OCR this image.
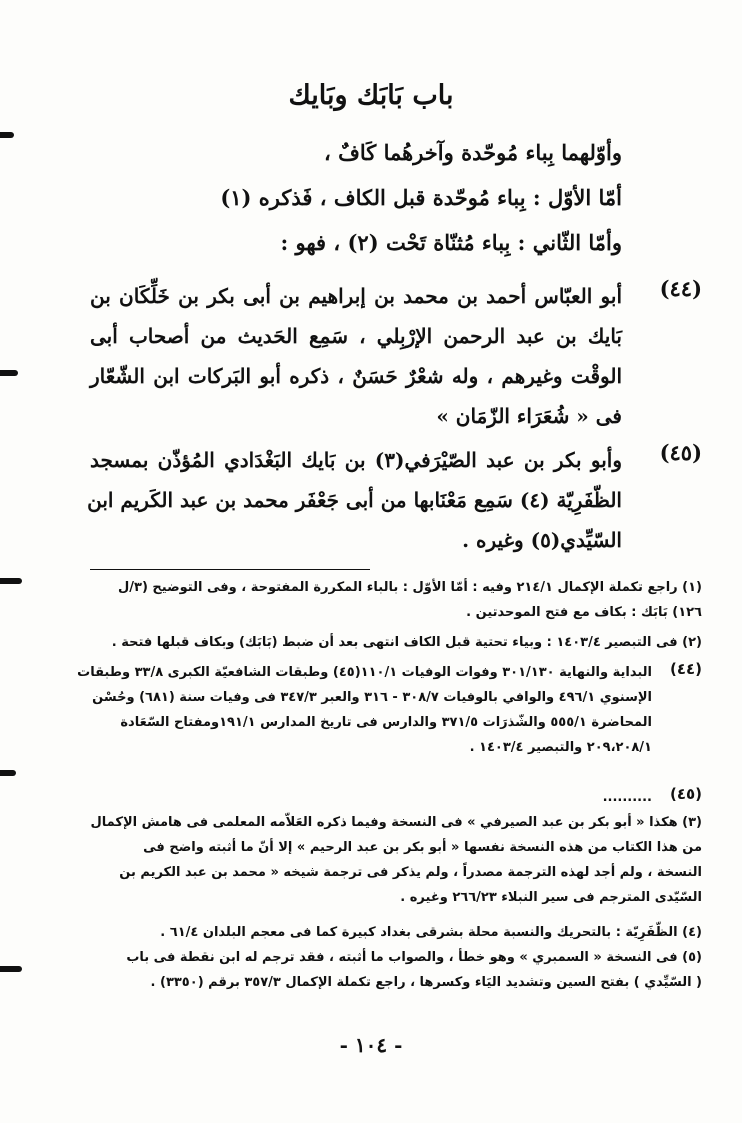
باب بَابَك وبَايك
وأوّلهما بِباء مُوحّدة وآخرهُما كَافٌ ،
أمّا الأوّل : بِباء مُوحّدة قبل الكاف ، فَذكره (١)
وأمّا الثّاني : بِباء مُثنّاة تَحْت (٢) ، فهو :
(٤٤)
أبو العبّاس أحمد بن محمد بن إبراهيم بن أبى بكر بن خَلِّكَان بن
بَايك بن عبد الرحمن الإرْبِلي ، سَمِع الحَديث من أصحاب أبى
الوقْت وغيرهم ، وله شعْرٌ حَسَنٌ ، ذكره أبو البَركات ابن الشّعّار
فى « شُعَرَاء الزّمَان »
(٤٥)
وأبو بكر بن عبد الصّيْرَفي(٣) بن بَايك البَغْدَادي المُؤذّن بمسجد
الظّفَرِيّة (٤) سَمِع مَعْنَابها من أبى جَعْفَر محمد بن عبد الكَريم ابن
السّيِّدي(٥) وغيره .
(١) راجع تكملة الإكمال ٢١٤/١ وفيه : أمّا الأوّل : بالباء المكررة المفتوحة ، وفى التوضيح (٣/ل
١٢٦) بَابَك : بكاف مع فتح الموحدتين .
(٢) فى التبصير ١٤٠٣/٤ : وبياء تحتية قبل الكاف انتهى بعد أن ضبط (بَابَك) وبكاف قبلها فتحة .
(٤٤)
البداية والنهاية ٣٠١/١٣٠ وفوات الوفيات ١١٠/١(٤٥) وطبقات الشافعيّة الكبرى ٣٣/٨ وطبقات
الإسنوي ٤٩٦/١ والوافي بالوفيات ٣٠٨/٧ - ٣١٦ والعبر ٣٤٧/٣ فى وفيات سنة (٦٨١) وحُسْن
المحاضرة ٥٥٥/١ والشّذرَات ٣٧١/٥ والدارس فى تاريخ المدارس ١٩١/١ومفتاح السّعَادة
٢٠٩،٢٠٨/١ والتبصير ١٤٠٣/٤ .
(٤٥)
..........
(٣) هكذا « أبو بكر بن عبد الصيرفي » فى النسخة وفيما ذكره العَلاّمه المعلمى فى هامش الإكمال
من هذا الكتاب من هذه النسخة نفسها « أبو بكر بن عبد الرحيم » إلا أنّ ما أثبته واضح فى
النسخة ، ولم أجد لهذه الترجمة مصدراً ، ولم يذكر فى ترجمة شيخه « محمد بن عبد الكريم بن
السّيّدى المترجم فى سير النبلاء ٢٦٦/٢٣ وغيره .
(٤) الظّفَرِيّة : بالتحريك والنسبة محلة بشرقى بغداد كبيرة كما فى معجم البلدان ٦١/٤ .
(٥) فى النسخة « السمبري » وهو خطأ ، والصواب ما أثبته ، فقد ترجم له ابن نقطة فى باب
( السّيِّدي ) بفتح السين وتشديد اليَاء وكسرها ، راجع تكملة الإكمال ٣٥٧/٣ برقم (٣٣٥٠) .
- ١٠٤ -
